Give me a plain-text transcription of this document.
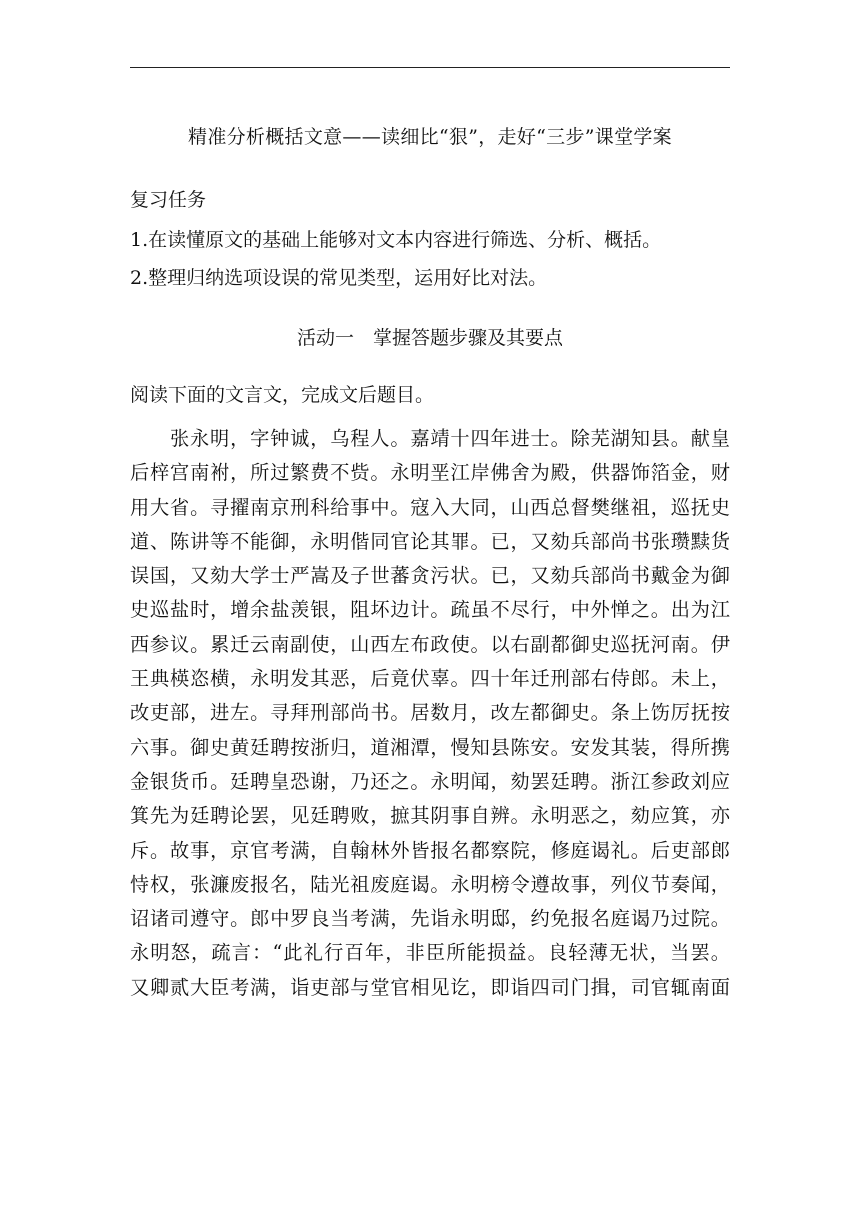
精准分析概括文意——读细比“狠”，走好“三步”课堂学案
复习任务
1.在读懂原文的基础上能够对文本内容进行筛选、分析、概括。
2.整理归纳选项设误的常见类型，运用好比对法。
活动一　掌握答题步骤及其要点
阅读下面的文言文，完成文后题目。
张永明，字钟诚，乌程人。嘉靖十四年进士。除芜湖知县。献皇
后梓宫南袝，所过繁费不赀。永明垩江岸佛舍为殿，供器饰箔金，财
用大省。寻擢南京刑科给事中。寇入大同，山西总督樊继祖，巡抚史
道、陈讲等不能御，永明偕同官论其罪。已，又劾兵部尚书张瓒黩货
误国，又劾大学士严嵩及子世蕃贪污状。已，又劾兵部尚书戴金为御
史巡盐时，增余盐羡银，阻坏边计。疏虽不尽行，中外惮之。出为江
西参议。累迁云南副使，山西左布政使。以右副都御史巡抚河南。伊
王典楧恣横，永明发其恶，后竟伏辜。四十年迁刑部右侍郎。未上，
改吏部，进左。寻拜刑部尚书。居数月，改左都御史。条上饬厉抚按
六事。御史黄廷聘按浙归，道湘潭，慢知县陈安。安发其装，得所携
金银货币。廷聘皇恐谢，乃还之。永明闻，劾罢廷聘。浙江参政刘应
箕先为廷聘论罢，见廷聘败，摭其阴事自辨。永明恶之，劾应箕，亦
斥。故事，京官考满，自翰林外皆报名都察院，修庭谒礼。后吏部郎
恃权，张濂废报名，陆光祖废庭谒。永明榜令遵故事，列仪节奏闻，
诏诸司遵守。郎中罗良当考满，先诣永明邸，约免报名庭谒乃过院。
永明怒，疏言：“此礼行百年，非臣所能损益。良轻薄无状，当罢。
又卿贰大臣考满，诣吏部与堂官相见讫，即诣四司门揖，司官辄南面
